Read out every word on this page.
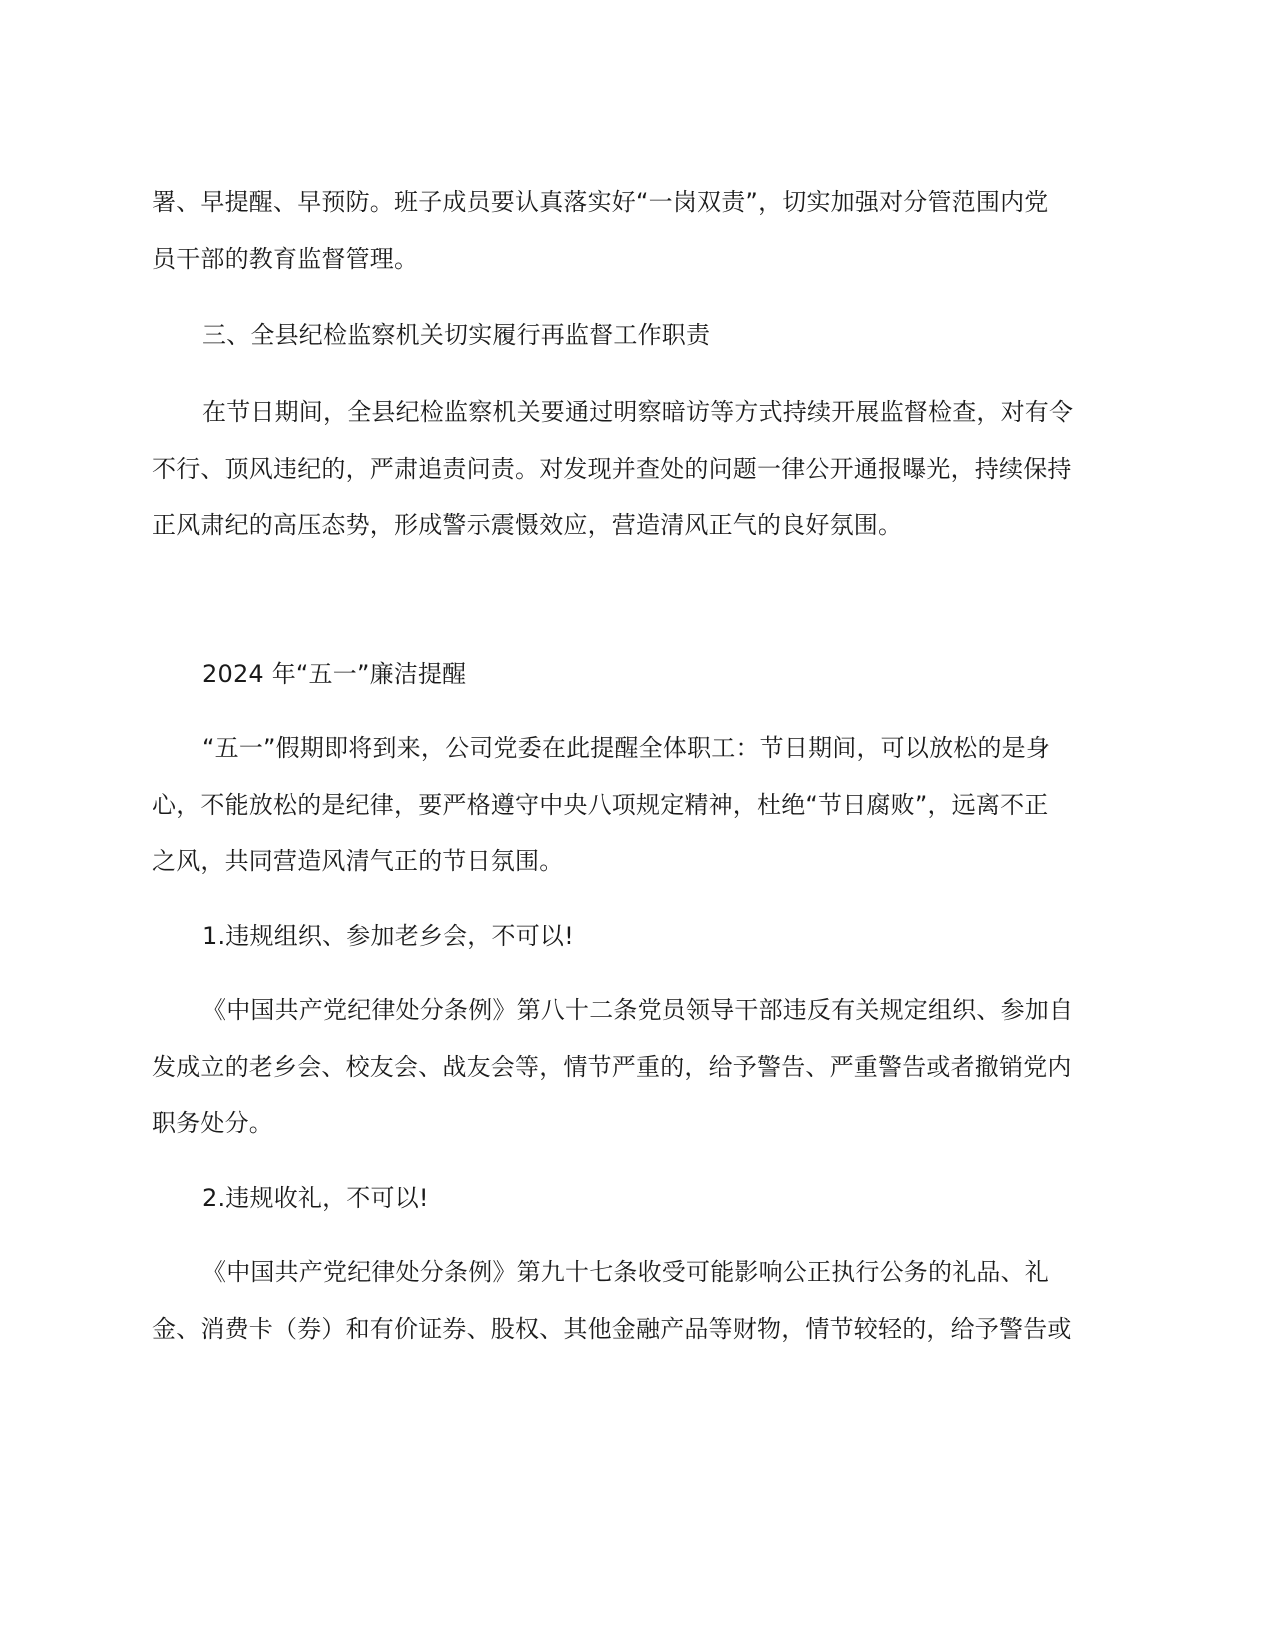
署、早提醒、早预防。班子成员要认真落实好“一岗双责”，切实加强对分管范围内党
员干部的教育监督管理。
三、全县纪检监察机关切实履行再监督工作职责
在节日期间，全县纪检监察机关要通过明察暗访等方式持续开展监督检查，对有令
不行、顶风违纪的，严肃追责问责。对发现并查处的问题一律公开通报曝光，持续保持
正风肃纪的高压态势，形成警示震慑效应，营造清风正气的良好氛围。
2024 年“五一”廉洁提醒
“五一”假期即将到来，公司党委在此提醒全体职工：节日期间，可以放松的是身
心，不能放松的是纪律，要严格遵守中央八项规定精神，杜绝“节日腐败”，远离不正
之风，共同营造风清气正的节日氛围。
1.违规组织、参加老乡会，不可以!
《中国共产党纪律处分条例》第八十二条党员领导干部违反有关规定组织、参加自
发成立的老乡会、校友会、战友会等，情节严重的，给予警告、严重警告或者撤销党内
职务处分。
2.违规收礼，不可以!
《中国共产党纪律处分条例》第九十七条收受可能影响公正执行公务的礼品、礼
金、消费卡（券）和有价证券、股权、其他金融产品等财物，情节较轻的，给予警告或
